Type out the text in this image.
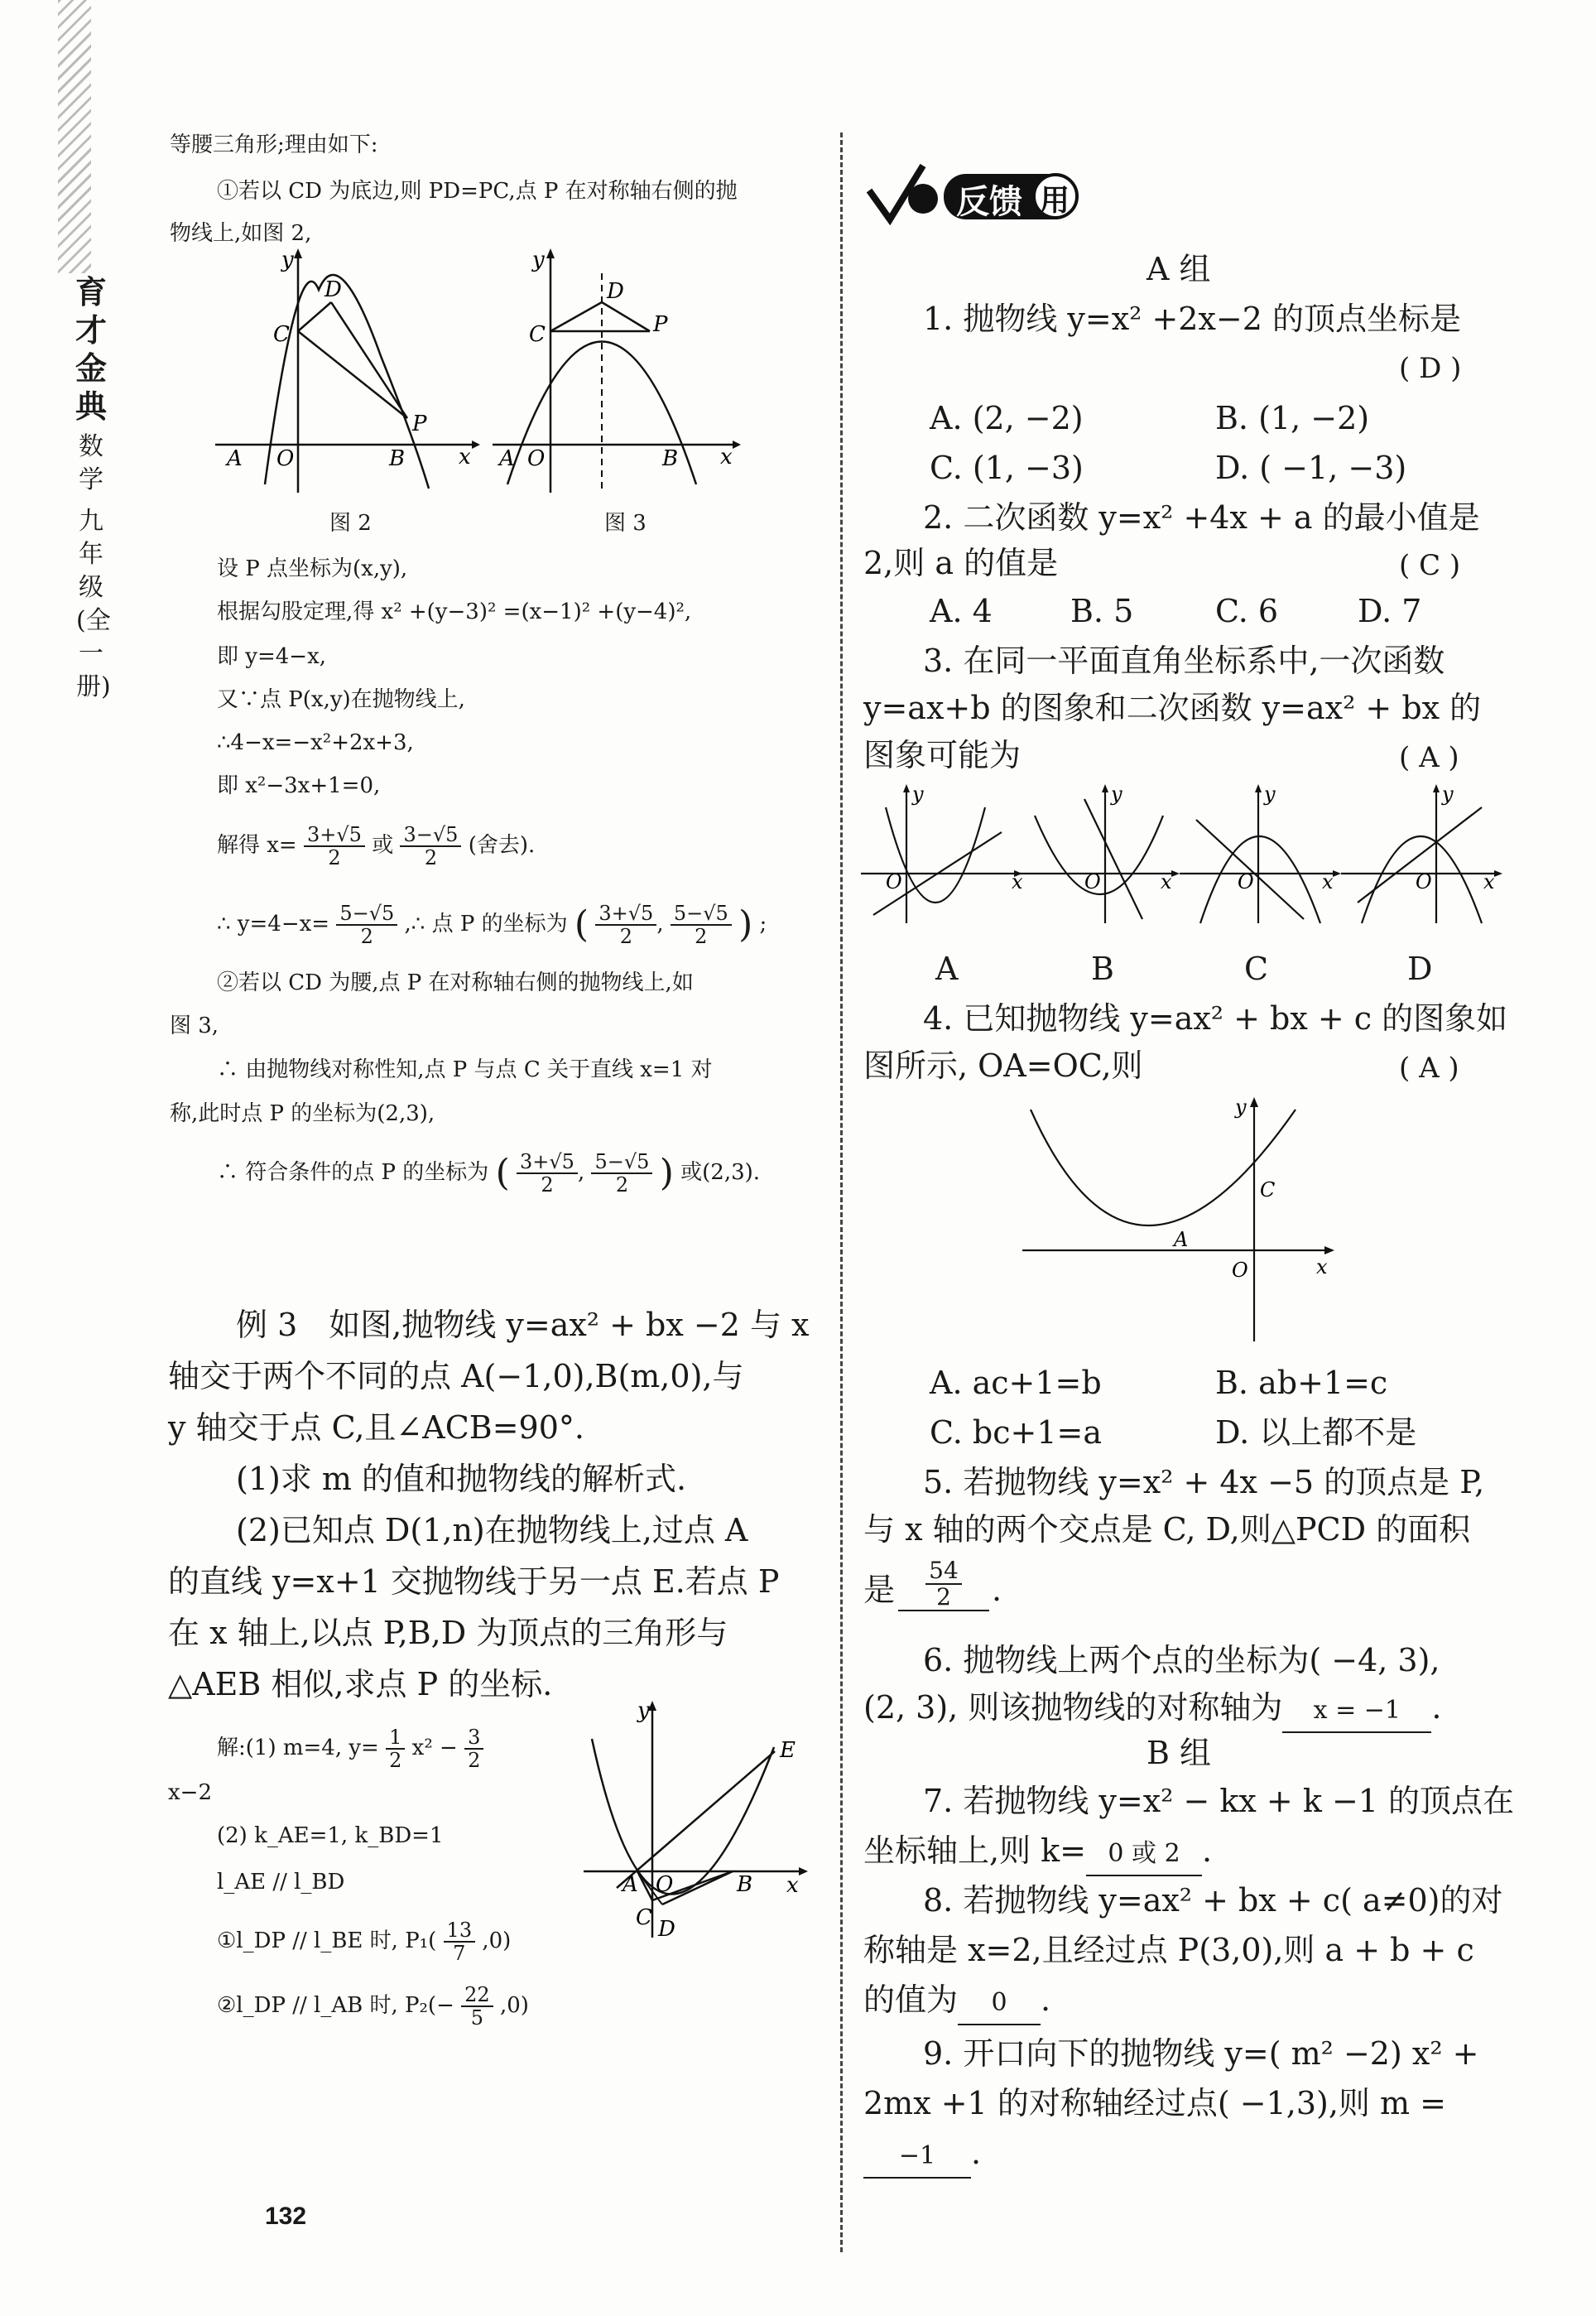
育才金典
数学
九年级(全一册)
等腰三角形;理由如下:
①若以 CD 为底边,则 PD=PC,点 P 在对称轴右侧的抛
物线上,如图 2,
y
x
O
A	B
C
D
P
图 2
y
x
O
A	B
C
D
P
图 3
设 P 点坐标为(x,y),
根据勾股定理,得 x² +(y−3)² =(x−1)² +(y−4)²,
即 y=4−x,
又∵点 P(x,y)在抛物线上,
∴4−x=−x²+2x+3,
即 x²−3x+1=0,
解得 $x= \frac{3+√5}{2}$ 或 $\frac{3-√5}{2}$ (舍去).
∴ $y=4-x= \frac{5-√5}{2}$ ,∴ 点 P 的坐标为 ( $\frac{3+√5}{2}$ , $\frac{5-√5}{2}$ ) ;
②若以 CD 为腰,点 P 在对称轴右侧的抛物线上,如
图 3,
∴ 由抛物线对称性知,点 P 与点 C 关于直线 x=1 对
称,此时点 P 的坐标为(2,3),
∴ 符合条件的点 P 的坐标为 ( $\frac{3+√5}{2}$ , $\frac{5-√5}{2}$ ) 或(2,3).
例 3　如图,抛物线 y=ax² + bx −2 与 x
轴交于两个不同的点 A(−1,0),B(m,0),与
y 轴交于点 C,且∠ACB=90°.
(1)求 m 的值和抛物线的解析式.
(2)已知点 D(1,n)在抛物线上,过点 A
的直线 y=x+1 交抛物线于另一点 E.若点 P
在 x 轴上,以点 P,B,D 为顶点的三角形与
△AEB 相似,求点 P 的坐标.
解:(1) m=4, $y= \frac{1}{2} x^2 - \frac{3}{2}$
x−2
(2) k_AE=1, k_BD=1
l_AE // l_BD
①l_DP // l_BE 时, $P_1( \frac{13}{7} ,0)$
②l_DP // l_AB 时, $P_2(- \frac{22}{5} ,0)$
y
x
O
A	B
C D
E
132
反馈 用
A 组
1. 抛物线 y=x² +2x−2 的顶点坐标是
( D )
A. (2, −2)	B. (1, −2)
C. (1, −3)	D. ( −1, −3)
2. 二次函数 y=x² +4x + a 的最小值是
2,则 a 的值是	( C )
A. 4 B. 5	C. 6	D. 7
3. 在同一平面直角坐标系中,一次函数
y=ax+b 的图象和二次函数 y=ax² + bx 的
图象可能为	( A )
y
x
O
y
x
O
y
x
O
y
x
O
A	B	C	D
4. 已知抛物线 y=ax² + bx + c 的图象如
图所示, OA=OC,则	( A )
y
x
O
A
C
A. ac+1=b	B. ab+1=c
C. bc+1=a	D. 以上都不是
5. 若抛物线 y=x² + 4x −5 的顶点是 P,
与 x 轴的两个交点是 C, D,则△PCD 的面积
是 $\frac{54}{2}$ .
6. 抛物线上两个点的坐标为( −4, 3),
(2, 3), 则该抛物线的对称轴为 x = −1 .
B 组
7. 若抛物线 y=x² − kx + k −1 的顶点在
坐标轴上,则 k= 0 或 2 .
8. 若抛物线 y=ax² + bx + c( a≠0)的对
称轴是 x=2,且经过点 P(3,0),则 a + b + c
的值为 0 .
9. 开口向下的抛物线 y=( m² −2) x² +
2mx +1 的对称轴经过点( −1,3),则 m =
−1 .
